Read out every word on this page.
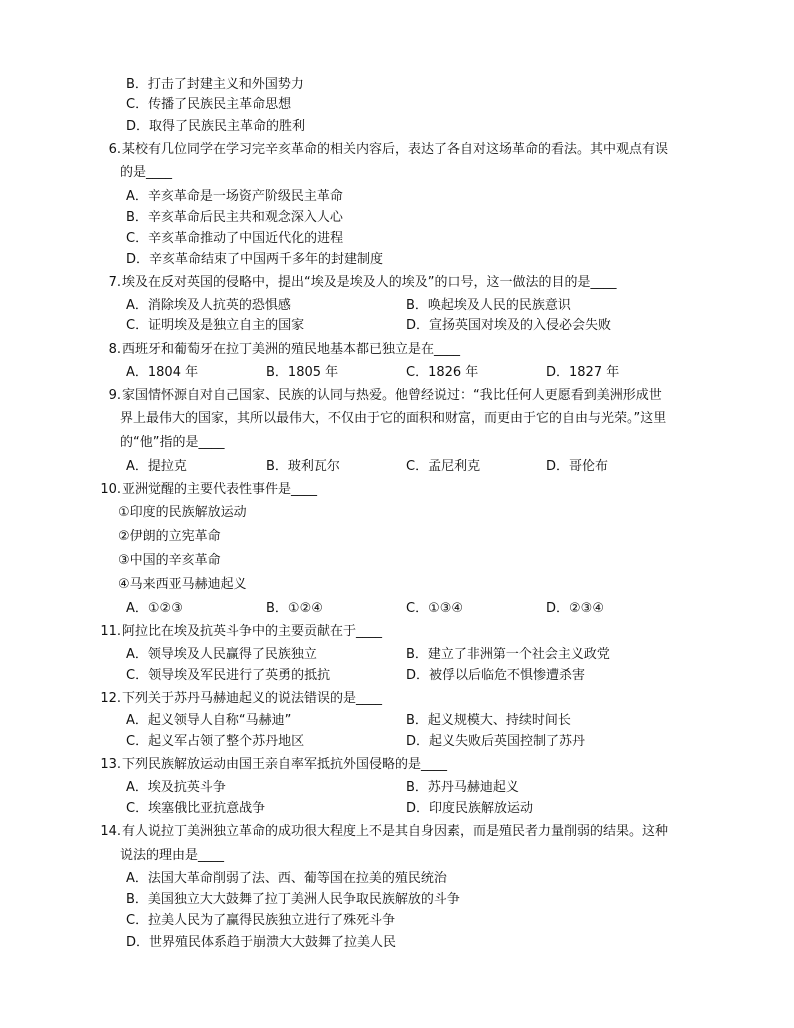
B．打击了封建主义和外国势力
C．传播了民族民主革命思想
D．取得了民族民主革命的胜利
6. 某校有几位同学在学习完辛亥革命的相关内容后，表达了各自对这场革命的看法。其中观点有误
的是____
A．辛亥革命是一场资产阶级民主革命
B．辛亥革命后民主共和观念深入人心
C．辛亥革命推动了中国近代化的进程
D．辛亥革命结束了中国两千多年的封建制度
7. 埃及在反对英国的侵略中，提出“埃及是埃及人的埃及”的口号，这一做法的目的是____
A．消除埃及人抗英的恐惧感	B．唤起埃及人民的民族意识
C．证明埃及是独立自主的国家	D．宣扬英国对埃及的入侵必会失败
8. 西班牙和葡萄牙在拉丁美洲的殖民地基本都已独立是在____
A．1804 年	B．1805 年	C．1826 年	D．1827 年
9. 家国情怀源自对自己国家、民族的认同与热爱。他曾经说过：“我比任何人更愿看到美洲形成世
界上最伟大的国家，其所以最伟大，不仅由于它的面积和财富，而更由于它的自由与光荣。”这里
的“他”指的是____
A．提拉克	B．玻利瓦尔	C．孟尼利克	D．哥伦布
10. 亚洲觉醒的主要代表性事件是____
①印度的民族解放运动
②伊朗的立宪革命
③中国的辛亥革命
④马来西亚马赫迪起义
A．①②③	B．①②④	C．①③④	D．②③④
11. 阿拉比在埃及抗英斗争中的主要贡献在于____
A．领导埃及人民赢得了民族独立	B．建立了非洲第一个社会主义政党
C．领导埃及军民进行了英勇的抵抗	D．被俘以后临危不惧惨遭杀害
12. 下列关于苏丹马赫迪起义的说法错误的是____
A．起义领导人自称“马赫迪”	B．起义规模大、持续时间长
C．起义军占领了整个苏丹地区	D．起义失败后英国控制了苏丹
13. 下列民族解放运动由国王亲自率军抵抗外国侵略的是____
A．埃及抗英斗争	B．苏丹马赫迪起义
C．埃塞俄比亚抗意战争	D．印度民族解放运动
14. 有人说拉丁美洲独立革命的成功很大程度上不是其自身因素，而是殖民者力量削弱的结果。这种
说法的理由是____
A．法国大革命削弱了法、西、葡等国在拉美的殖民统治
B．美国独立大大鼓舞了拉丁美洲人民争取民族解放的斗争
C．拉美人民为了赢得民族独立进行了殊死斗争
D．世界殖民体系趋于崩溃大大鼓舞了拉美人民
